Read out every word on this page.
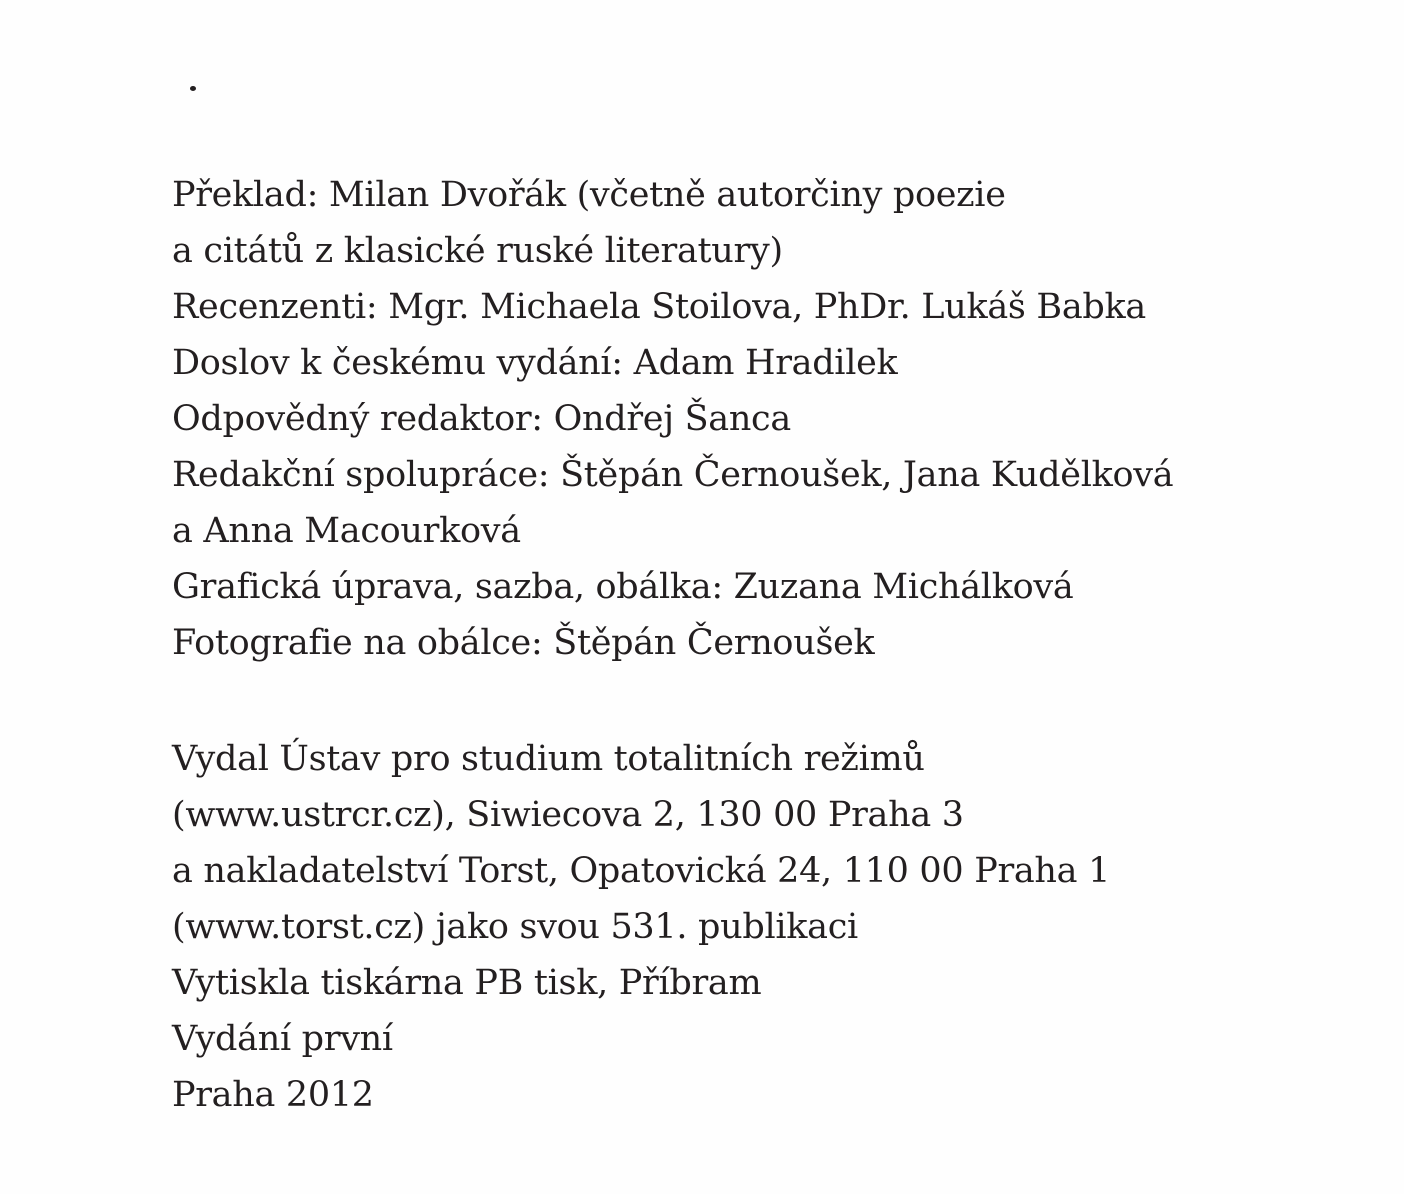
Překlad: Milan Dvořák (včetně autorčiny poezie
a citátů z klasické ruské literatury)
Recenzenti: Mgr. Michaela Stoilova, PhDr. Lukáš Babka
Doslov k českému vydání: Adam Hradilek
Odpovědný redaktor: Ondřej Šanca
Redakční spolupráce: Štěpán Černoušek, Jana Kudělková
a Anna Macourková
Grafická úprava, sazba, obálka: Zuzana Michálková
Fotografie na obálce: Štěpán Černoušek
Vydal Ústav pro studium totalitních režimů
(www.ustrcr.cz), Siwiecova 2, 130 00 Praha 3
a nakladatelství Torst, Opatovická 24, 110 00 Praha 1
(www.torst.cz) jako svou 531. publikaci
Vytiskla tiskárna PB tisk, Příbram
Vydání první
Praha 2012
